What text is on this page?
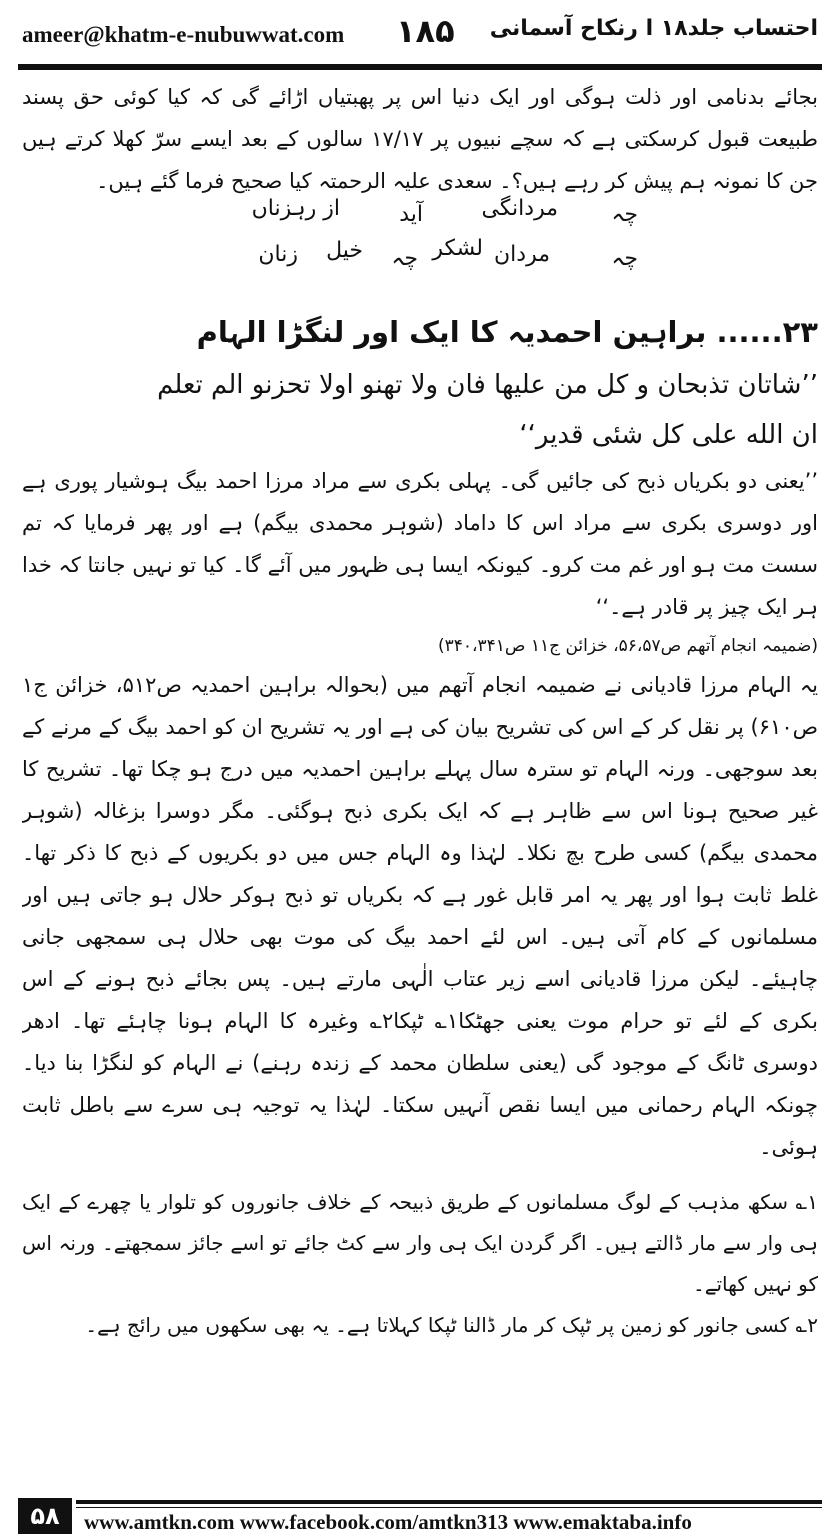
ameer@khatm-e-nubuwwat.com ۱۸۵ احتساب جلد۱۸ ا رنکاح آسمانی

بجائے بدنامی اور ذلت ہوگی اور ایک دنیا اس پر پھبتیاں اڑائے گی کہ کیا کوئی حق پسند طبیعت قبول کرسکتی ہے کہ سچے نبیوں پر ۱۷/۱۷ سالوں کے بعد ایسے سرّ کھلا کرتے ہیں جن کا نمونہ ہم پیش کر رہے ہیں؟۔ سعدی علیہ الرحمتہ کیا صحیح فرما گئے ہیں۔

چہ
مردانگی
آید
از رہزناں
چہ
مردان
لشکر
چہ
خیل
زنان

۲۳...... براہین احمدیہ کا ایک اور لنگڑا الہام

’’شاتان تذبحان و کل من علیها فان ولا تهنو اولا تحزنو الم تعلم

ان الله علی کل شئی قدیر‘‘

’’یعنی دو بکریاں ذبح کی جائیں گی۔ پہلی بکری سے مراد مرزا احمد بیگ ہوشیار پوری ہے اور دوسری بکری سے مراد اس کا داماد (شوہر محمدی بیگم) ہے اور پھر فرمایا کہ تم سست مت ہو اور غم مت کرو۔ کیونکہ ایسا ہی ظہور میں آئے گا۔ کیا تو نہیں جانتا کہ خدا ہر ایک چیز پر قادر ہے۔‘‘

(ضمیمہ انجام آتھم ص۵۶،۵۷، خزائن ج۱۱ ص۳۴۰،۳۴۱)

یہ الہام مرزا قادیانی نے ضمیمہ انجام آتھم میں (بحوالہ براہین احمدیہ ص۵۱۲، خزائن ج۱ ص۶۱۰) پر نقل کر کے اس کی تشریح بیان کی ہے اور یہ تشریح ان کو احمد بیگ کے مرنے کے بعد سوجھی۔ ورنہ الہام تو سترہ سال پہلے براہین احمدیہ میں درج ہو چکا تھا۔ تشریح کا غیر صحیح ہونا اس سے ظاہر ہے کہ ایک بکری ذبح ہوگئی۔ مگر دوسرا بزغالہ (شوہر محمدی بیگم) کسی طرح بچ نکلا۔ لہٰذا وہ الہام جس میں دو بکریوں کے ذبح کا ذکر تھا۔ غلط ثابت ہوا اور پھر یہ امر قابل غور ہے کہ بکریاں تو ذبح ہوکر حلال ہو جاتی ہیں اور مسلمانوں کے کام آتی ہیں۔ اس لئے احمد بیگ کی موت بھی حلال ہی سمجھی جانی چاہیئے۔ لیکن مرزا قادیانی اسے زیر عتاب الٰہی مارتے ہیں۔ پس بجائے ذبح ہونے کے اس بکری کے لئے تو حرام موت یعنی جھٹکا۱؎ ٹپکا۲؎ وغیرہ کا الہام ہونا چاہئے تھا۔ ادھر دوسری ٹانگ کے موجود گی (یعنی سلطان محمد کے زندہ رہنے) نے الہام کو لنگڑا بنا دیا۔ چونکہ الہام رحمانی میں ایسا نقص آنہیں سکتا۔ لہٰذا یہ توجیہ ہی سرے سے باطل ثابت ہوئی۔

۱؎ سکھ مذہب کے لوگ مسلمانوں کے طریق ذبیحہ کے خلاف جانوروں کو تلوار یا چھرے کے ایک ہی وار سے مار ڈالتے ہیں۔ اگر گردن ایک ہی وار سے کٹ جائے تو اسے جائز سمجھتے۔ ورنہ اس کو نہیں کھاتے۔

۲؎ کسی جانور کو زمین پر ٹپک کر مار ڈالنا ٹپکا کہلاتا ہے۔ یہ بھی سکھوں میں رائج ہے۔

۵۸	www.amtkn.com www.facebook.com/amtkn313 www.emaktaba.info
